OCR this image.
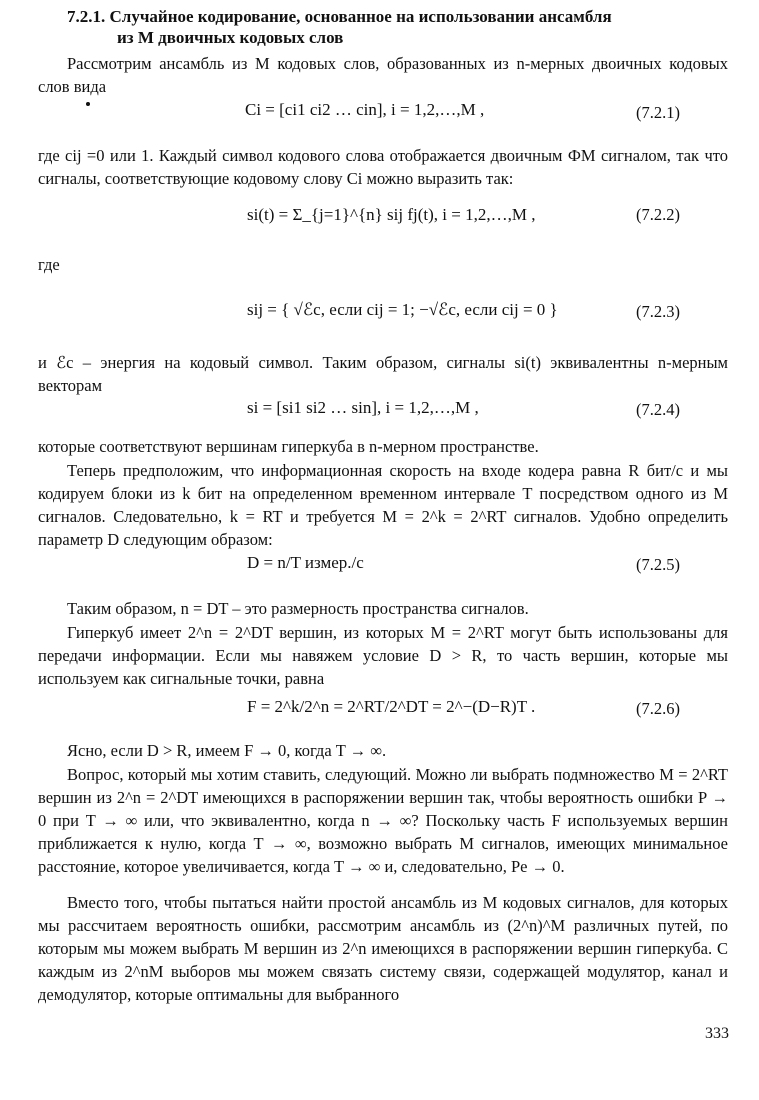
7.2.1. Случайное кодирование, основанное на использовании ансамбля
из M двоичных кодовых слов

Рассмотрим ансамбль из M кодовых слов, образованных из n-мерных двоичных кодовых слов вида

Ci = [ci1 ci2 … cin], i = 1,2,…,M ,	(7.2.1)

где cij =0 или 1. Каждый символ кодового слова отображается двоичным ФМ сигналом, так что сигналы, соответствующие кодовому слову Ci можно выразить так:

si(t) = Σ_{j=1}^{n} sij fj(t), i = 1,2,…,M ,	(7.2.2)

где

sij = { √ℰc, если cij = 1; −√ℰc, если cij = 0 }	(7.2.3)

и ℰc – энергия на кодовый символ. Таким образом, сигналы si(t) эквивалентны n-мерным векторам

si = [si1 si2 … sin], i = 1,2,…,M ,	(7.2.4)

которые соответствуют вершинам гиперкуба в n-мерном пространстве.

Теперь предположим, что информационная скорость на входе кодера равна R бит/с и мы кодируем блоки из k бит на определенном временном интервале T посредством одного из M сигналов. Следовательно, k = RT и требуется M = 2^k = 2^RT сигналов. Удобно определить параметр D следующим образом:

D = n/T измер./с	(7.2.5)

Таким образом, n = DT – это размерность пространства сигналов.

Гиперкуб имеет 2^n = 2^DT вершин, из которых M = 2^RT могут быть использованы для передачи информации. Если мы навяжем условие D > R, то часть вершин, которые мы используем как сигнальные точки, равна

F = 2^k/2^n = 2^RT/2^DT = 2^−(D−R)T .	(7.2.6)

Ясно, если D > R, имеем F → 0, когда T → ∞.

Вопрос, который мы хотим ставить, следующий. Можно ли выбрать подмножество M = 2^RT вершин из 2^n = 2^DT имеющихся в распоряжении вершин так, чтобы вероятность ошибки P → 0 при T → ∞ или, что эквивалентно, когда n → ∞? Поскольку часть F используемых вершин приближается к нулю, когда T → ∞, возможно выбрать M сигналов, имеющих минимальное расстояние, которое увеличивается, когда T → ∞ и, следовательно, Pe → 0.

Вместо того, чтобы пытаться найти простой ансамбль из M кодовых сигналов, для которых мы рассчитаем вероятность ошибки, рассмотрим ансамбль из (2^n)^M различных путей, по которым мы можем выбрать M вершин из 2^n имеющихся в распоряжении вершин гиперкуба. С каждым из 2^nM выборов мы можем связать систему связи, содержащей модулятор, канал и демодулятор, которые оптимальны для выбранного

333
